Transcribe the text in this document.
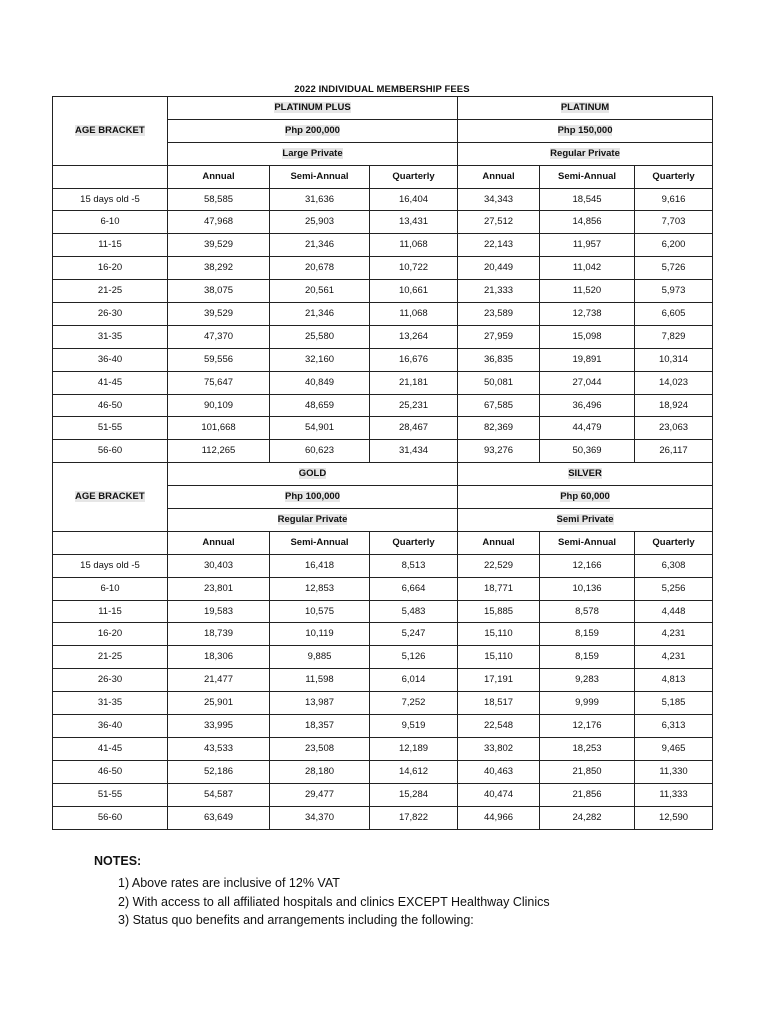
2022 INDIVIDUAL MEMBERSHIP FEES
AGE BRACKET	PLATINUM PLUS			PLATINUM		
	Php 200,000			Php 150,000		
	Large Private			Regular Private		
	Annual	Semi-Annual	Quarterly	Annual	Semi-Annual	Quarterly
15 days old -5	58,585	31,636	16,404	34,343	18,545	9,616
6-10	47,968	25,903	13,431	27,512	14,856	7,703
11-15	39,529	21,346	11,068	22,143	11,957	6,200
16-20	38,292	20,678	10,722	20,449	11,042	5,726
21-25	38,075	20,561	10,661	21,333	11,520	5,973
26-30	39,529	21,346	11,068	23,589	12,738	6,605
31-35	47,370	25,580	13,264	27,959	15,098	7,829
36-40	59,556	32,160	16,676	36,835	19,891	10,314
41-45	75,647	40,849	21,181	50,081	27,044	14,023
46-50	90,109	48,659	25,231	67,585	36,496	18,924
51-55	101,668	54,901	28,467	82,369	44,479	23,063
56-60	112,265	60,623	31,434	93,276	50,369	26,117
AGE BRACKET	GOLD			SILVER		
	Php 100,000			Php 60,000		
	Regular Private			Semi Private		
	Annual	Semi-Annual	Quarterly	Annual	Semi-Annual	Quarterly
15 days old -5	30,403	16,418	8,513	22,529	12,166	6,308
6-10	23,801	12,853	6,664	18,771	10,136	5,256
11-15	19,583	10,575	5,483	15,885	8,578	4,448
16-20	18,739	10,119	5,247	15,110	8,159	4,231
21-25	18,306	9,885	5,126	15,110	8,159	4,231
26-30	21,477	11,598	6,014	17,191	9,283	4,813
31-35	25,901	13,987	7,252	18,517	9,999	5,185
36-40	33,995	18,357	9,519	22,548	12,176	6,313
41-45	43,533	23,508	12,189	33,802	18,253	9,465
46-50	52,186	28,180	14,612	40,463	21,850	11,330
51-55	54,587	29,477	15,284	40,474	21,856	11,333
56-60	63,649	34,370	17,822	44,966	24,282	12,590
NOTES:
1) Above rates are inclusive of 12% VAT
2) With access to all affiliated hospitals and clinics EXCEPT Healthway Clinics
3) Status quo benefits and arrangements including the following:
